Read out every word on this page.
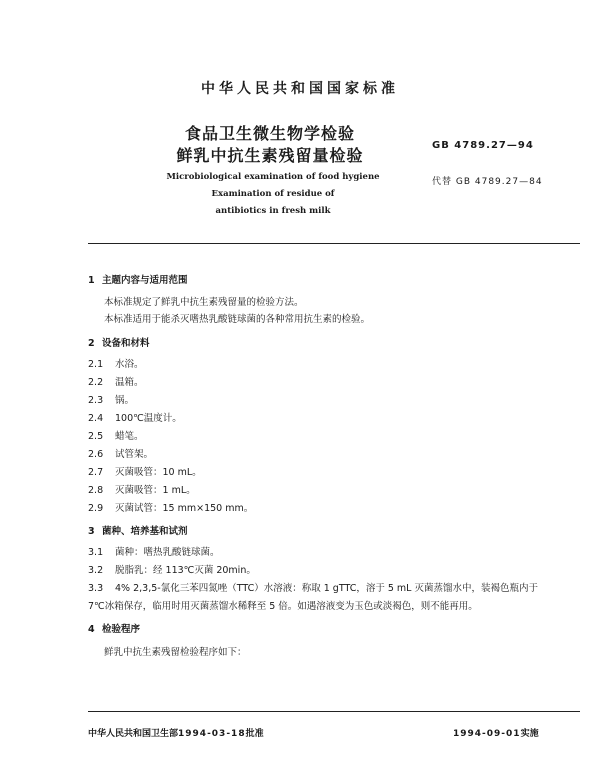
中华人民共和国国家标准
食品卫生微生物学检验
鲜乳中抗生素残留量检验
GB 4789.27—94
代替 GB 4789.27—84
Microbiological examination of food hygiene
Examination of residue of
antibiotics in fresh milk
1 主题内容与适用范围
本标准规定了鲜乳中抗生素残留量的检验方法。
本标准适用于能杀灭嗜热乳酸链球菌的各种常用抗生素的检验。
2 设备和材料
2.1 水浴。
2.2 温箱。
2.3 锅。
2.4 100℃温度计。
2.5 蜡笔。
2.6 试管架。
2.7 灭菌吸管：10 mL。
2.8 灭菌吸管：1 mL。
2.9 灭菌试管：15 mm×150 mm。
3 菌种、培养基和试剂
3.1 菌种：嗜热乳酸链球菌。
3.2 脱脂乳：经 113℃灭菌 20min。
3.3 4% 2,3,5-氯化三苯四氮唑（TTC）水溶液：称取 1 gTTC，溶于 5 mL 灭菌蒸馏水中，装褐色瓶内于
7℃冰箱保存，临用时用灭菌蒸馏水稀释至 5 倍。如遇溶液变为玉色或淡褐色，则不能再用。
4 检验程序
鲜乳中抗生素残留检验程序如下：
中华人民共和国卫生部1994-03-18批准	1994-09-01实施
